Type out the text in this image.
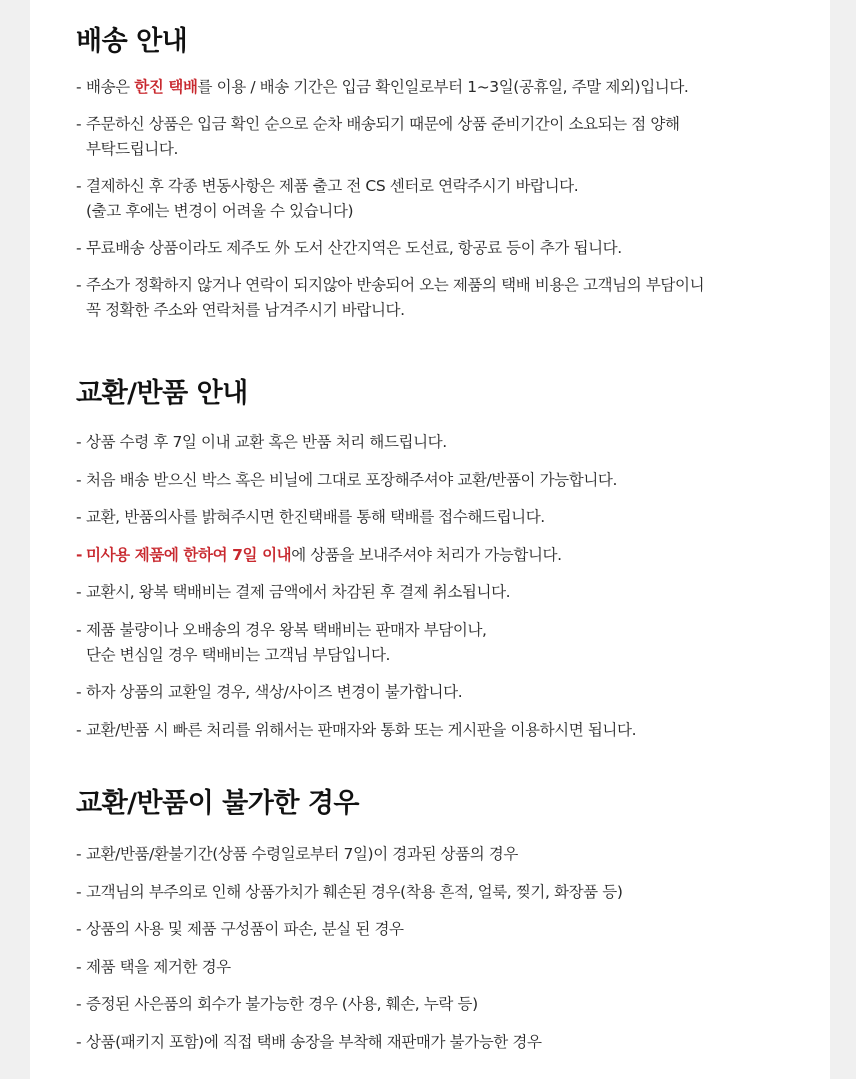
배송 안내
- 배송은 한진 택배를 이용 / 배송 기간은 입금 확인일로부터 1~3일(공휴일, 주말 제외)입니다.
- 주문하신 상품은 입금 확인 순으로 순차 배송되기 때문에 상품 준비기간이 소요되는 점 양해
부탁드립니다.
- 결제하신 후 각종 변동사항은 제품 출고 전 CS 센터로 연락주시기 바랍니다.
(출고 후에는 변경이 어려울 수 있습니다)
- 무료배송 상품이라도 제주도 外 도서 산간지역은 도선료, 항공료 등이 추가 됩니다.
- 주소가 정확하지 않거나 연락이 되지않아 반송되어 오는 제품의 택배 비용은 고객님의 부담이니
꼭 정확한 주소와 연락처를 남겨주시기 바랍니다.
교환/반품 안내
- 상품 수령 후 7일 이내 교환 혹은 반품 처리 해드립니다.
- 처음 배송 받으신 박스 혹은 비닐에 그대로 포장해주셔야 교환/반품이 가능합니다.
- 교환, 반품의사를 밝혀주시면 한진택배를 통해 택배를 접수해드립니다.
- 미사용 제품에 한하여 7일 이내에 상품을 보내주셔야 처리가 가능합니다.
- 교환시, 왕복 택배비는 결제 금액에서 차감된 후 결제 취소됩니다.
- 제품 불량이나 오배송의 경우 왕복 택배비는 판매자 부담이나,
단순 변심일 경우 택배비는 고객님 부담입니다.
- 하자 상품의 교환일 경우, 색상/사이즈 변경이 불가합니다.
- 교환/반품 시 빠른 처리를 위해서는 판매자와 통화 또는 게시판을 이용하시면 됩니다.
교환/반품이 불가한 경우
- 교환/반품/환불기간(상품 수령일로부터 7일)이 경과된 상품의 경우
- 고객님의 부주의로 인해 상품가치가 훼손된 경우(착용 흔적, 얼룩, 찢기, 화장품 등)
- 상품의 사용 및 제품 구성품이 파손, 분실 된 경우
- 제품 택을 제거한 경우
- 증정된 사은품의 회수가 불가능한 경우 (사용, 훼손, 누락 등)
- 상품(패키지 포함)에 직접 택배 송장을 부착해 재판매가 불가능한 경우
